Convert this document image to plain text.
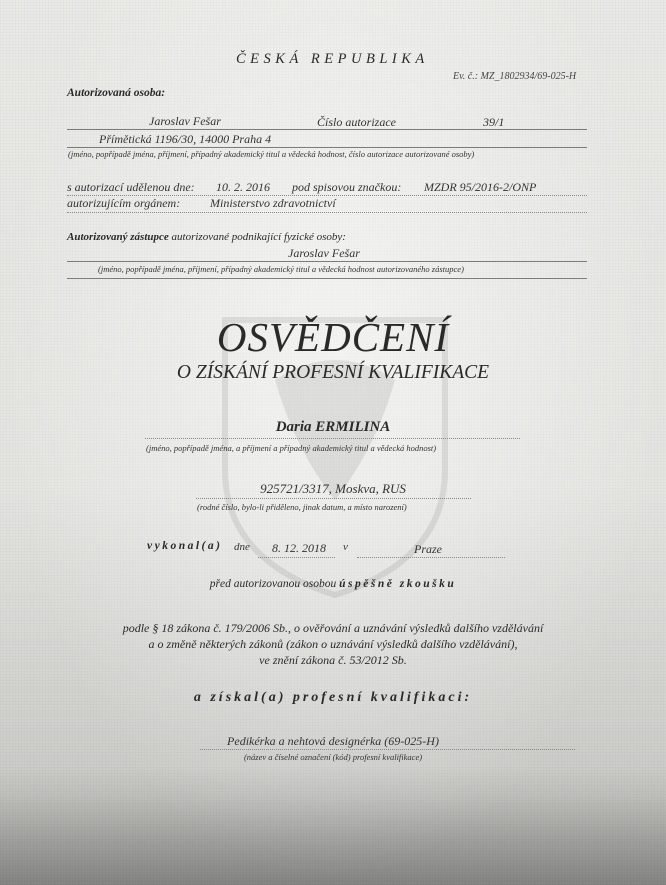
ČESKÁ REPUBLIKA
Ev. č.: MZ_1802934/69-025-H
Autorizovaná osoba:
Jaroslav Fešar	Číslo autorizace	39/1
Přímětická 1196/30, 14000 Praha 4
(jméno, popřípadě jména, příjmení, případný akademický titul a vědecká hodnost, číslo autorizace autorizované osoby)
s autorizací udělenou dne: 10. 2. 2016 pod spisovou značkou: MZDR 95/2016-2/ONP
autorizujícím orgánem: Ministerstvo zdravotnictví
Autorizovaný zástupce autorizované podnikající fyzické osoby:
Jaroslav Fešar
(jméno, popřípadě jména, příjmení, případný akademický titul a vědecká hodnost autorizovaného zástupce)
OSVĚDČENÍ
O ZÍSKÁNÍ PROFESNÍ KVALIFIKACE
Daria ERMILINA
(jméno, popřípadě jména, a příjmení a případný akademický titul a vědecká hodnost)
925721/3317, Moskva, RUS
(rodné číslo, bylo-li přiděleno, jinak datum, a místo narození)
vykonal(a) dne 8. 12. 2018 v	Praze
před autorizovanou osobou úspěšně zkoušku
podle § 18 zákona č. 179/2006 Sb., o ověřování a uznávání výsledků dalšího vzdělávání
a o změně některých zákonů (zákon o uznávání výsledků dalšího vzdělávání),
ve znění zákona č. 53/2012 Sb.
a získal(a) profesní kvalifikaci:
Pedikérka a nehtová designérka (69-025-H)
(název a číselné označení (kód) profesní kvalifikace)
